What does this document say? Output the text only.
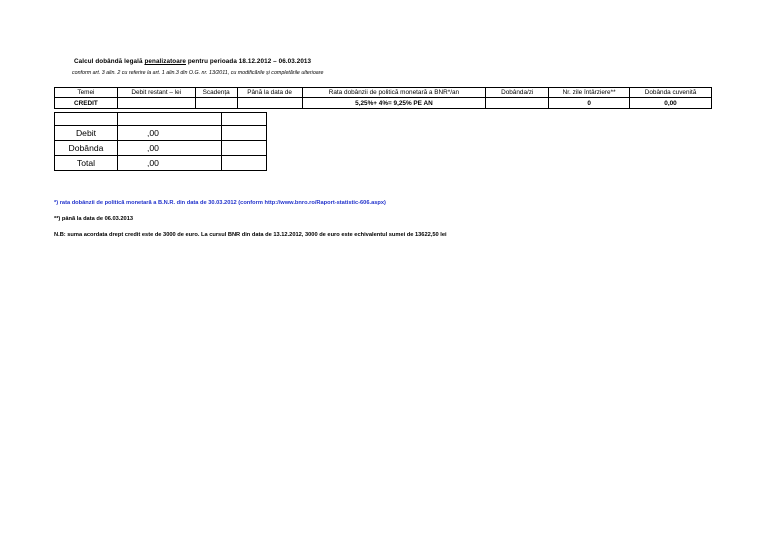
Calcul dobândă legală penalizatoare pentru perioada 18.12.2012 – 06.03.2013
conform art. 3 alin. 2 cu referire la art. 1 alin.3 din O.G. nr. 13/2011, cu modificările și completările ulterioare
Temei	Debit restant – lei	Scadența	Până la data de	Rata dobânzii de politică monetară a BNR*/an	Dobânda/zi	Nr. zile întârziere**	Dobânda cuvenită
CREDIT				5,25%+ 4%= 9,25% PE AN		0	0,00

Debit	,00	
Dobânda	,00	
Total	,00	
*) rata dobânzii de politică monetară a B.N.R. din data de 30.03.2012 (conform http://www.bnro.ro/Raport-statistic-606.aspx)
**) până la data de 06.03.2013
N.B: suma acordata drept credit este de 3000 de euro. La cursul BNR din data de 13.12.2012, 3000 de euro este echivalentul sumei de 13622,50 lei
